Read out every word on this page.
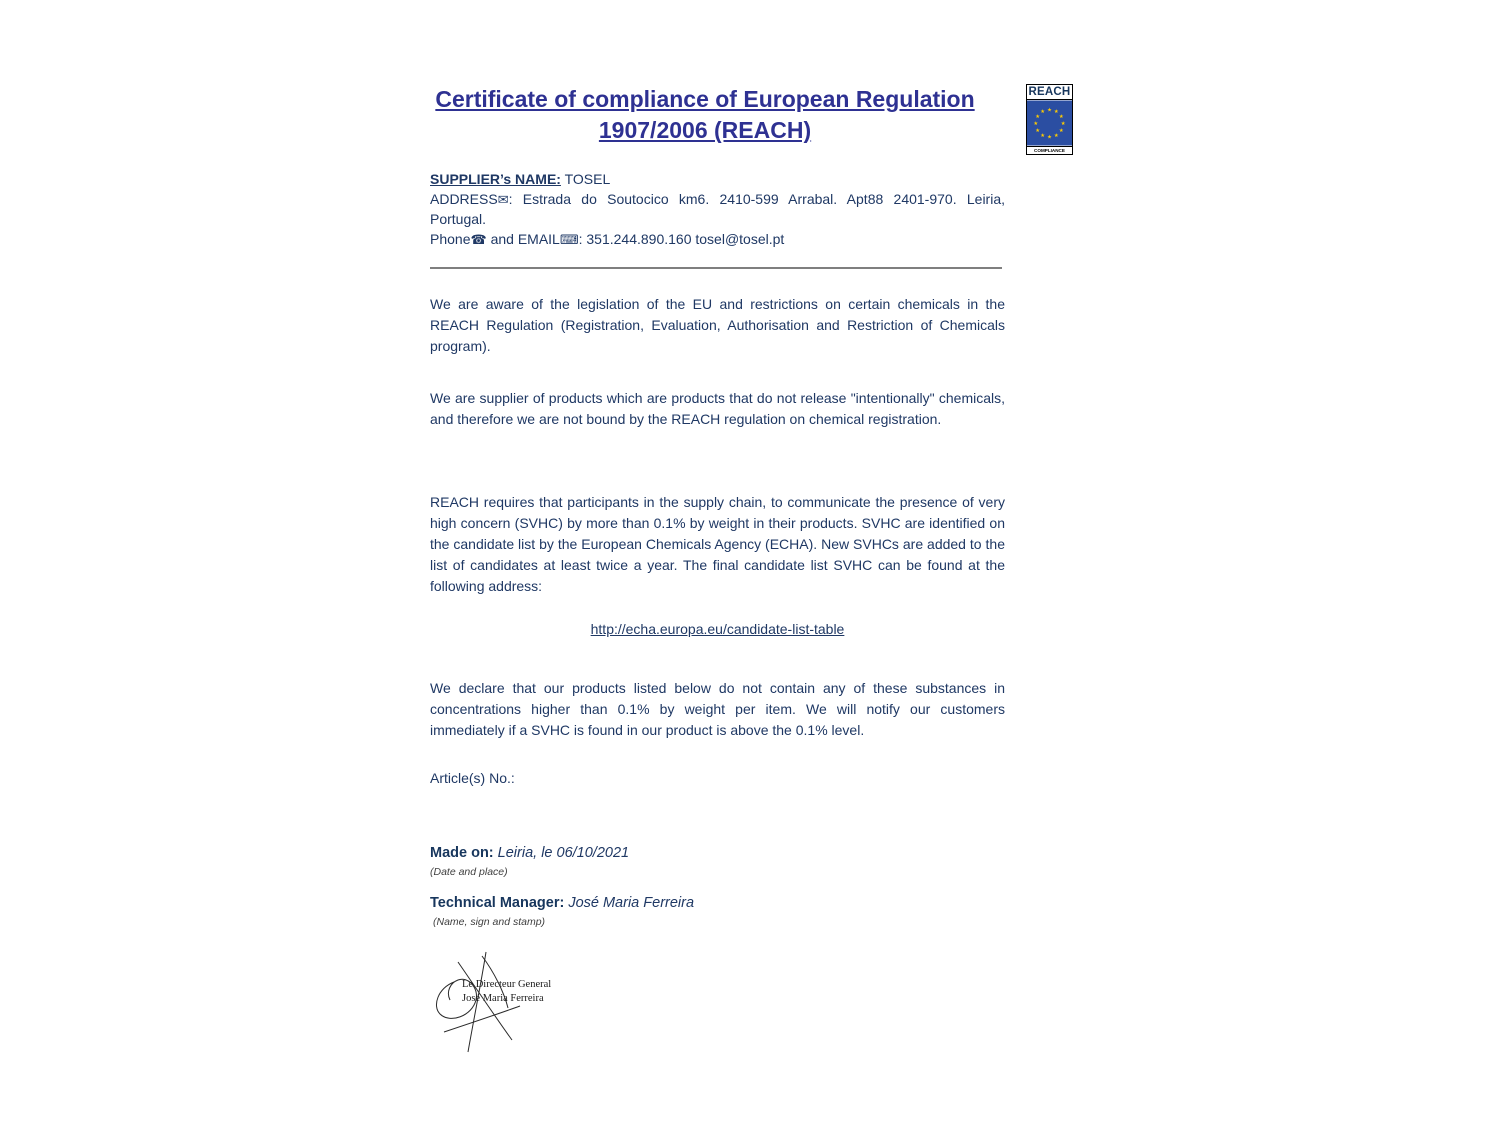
Certificate of compliance of European Regulation
1907/2006 (REACH)
REACH
★ ★
★
★
★
★
★
★
★
★
★
★
COMPLIANCE

SUPPLIER’s NAME: TOSEL

ADDRESS✉: Estrada do Soutocico km6. 2410-599 Arrabal. Apt88 2401-970. Leiria, Portugal.

Phone☎ and EMAIL⌨: 351.244.890.160 tosel@tosel.pt

We are aware of the legislation of the EU and restrictions on certain chemicals in the REACH Regulation (Registration, Evaluation, Authorisation and Restriction of Chemicals program).

We are supplier of products which are products that do not release "intentionally" chemicals, and therefore we are not bound by the REACH regulation on chemical registration.

REACH requires that participants in the supply chain, to communicate the presence of very high concern (SVHC) by more than 0.1% by weight in their products. SVHC are identified on the candidate list by the European Chemicals Agency (ECHA). New SVHCs are added to the list of candidates at least twice a year. The final candidate list SVHC can be found at the following address:

http://echa.europa.eu/candidate-list-table

We declare that our products listed below do not contain any of these substances in concentrations higher than 0.1% by weight per item. We will notify our customers immediately if a SVHC is found in our product is above the 0.1% level.

Article(s) No.:

Made on: Leiria, le 06/10/2021
(Date and place)
Technical Manager: José Maria Ferreira
(Name, sign and stamp)
Le Directeur General
José Maria Ferreira
